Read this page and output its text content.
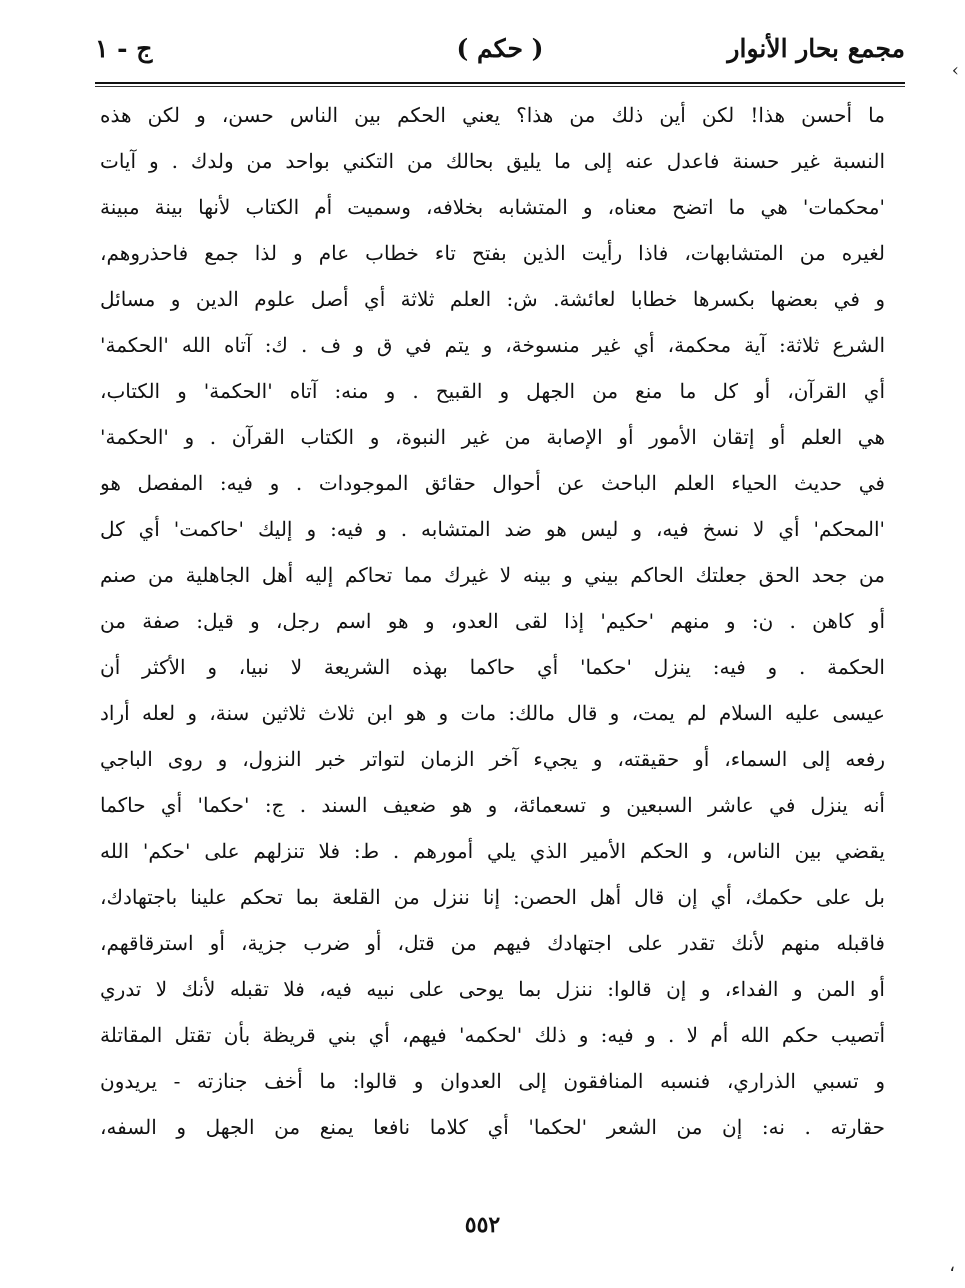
مجمع بحار الأنوار
( حكم )
ج - ١
‹
ما أحسن هذا! لكن أين ذلك من هذا؟ يعني الحكم بين الناس حسن، و لكن هذه
النسبة غير حسنة فاعدل عنه إلى ما يليق بحالك من التكني بواحد من ولدك . و آيات
'محكمات' هي ما اتضح معناه، و المتشابه بخلافه، وسميت أم الكتاب لأنها بينة مبينة
لغيره من المتشابهات، فاذا رأيت الذين بفتح تاء خطاب عام و لذا جمع فاحذروهم،
و في بعضها بكسرها خطابا لعائشة. ش: العلم ثلاثة أي أصل علوم الدين و مسائل
الشرع ثلاثة: آية محكمة، أي غير منسوخة، و يتم في ق و ف . ك: آتاه الله 'الحكمة'
أي القرآن، أو كل ما منع من الجهل و القبيح . و منه: آتاه 'الحكمة' و الكتاب،
هي العلم أو إتقان الأمور أو الإصابة من غير النبوة، و الكتاب القرآن . و 'الحكمة'
في حديث الحياء العلم الباحث عن أحوال حقائق الموجودات . و فيه: المفصل هو
'المحكم' أي لا نسخ فيه، و ليس هو ضد المتشابه . و فيه: و إليك 'حاكمت' أي كل
من جحد الحق جعلتك الحاكم بيني و بينه لا غيرك مما تحاكم إليه أهل الجاهلية من صنم
أو كاهن . ن: و منهم 'حكيم' إذا لقى العدو، و هو اسم رجل، و قيل: صفة من
الحكمة . و فيه: ينزل 'حكما' أي حاكما بهذه الشريعة لا نبيا، و الأكثر أن
عيسى عليه السلام لم يمت، و قال مالك: مات و هو ابن ثلاث ثلاثين سنة، و لعله أراد
رفعه إلى السماء، أو حقيقته، و يجيء آخر الزمان لتواتر خبر النزول، و روى الباجي
أنه ينزل في عاشر السبعين و تسعمائة، و هو ضعيف السند . ج: 'حكما' أي حاكما
يقضي بين الناس، و الحكم الأمير الذي يلي أمورهم . ط: فلا تنزلهم على 'حكم' الله
بل على حكمك، أي إن قال أهل الحصن: إنا ننزل من القلعة بما تحكم علينا باجتهادك،
فاقبله منهم لأنك تقدر على اجتهادك فيهم من قتل، أو ضرب جزية، أو استرقاقهم،
أو المن و الفداء، و إن قالوا: ننزل بما يوحى على نبيه فيه، فلا تقبله لأنك لا تدري
أتصيب حكم الله أم لا . و فيه: و ذلك 'لحكمه' فيهم، أي بني قريظة بأن تقتل المقاتلة
و تسبي الذراري، فنسبه المنافقون إلى العدوان و قالوا: ما أخف جنازته - يريدون
حقارته . نه: إن من الشعر 'لحكما' أي كلاما نافعا يمنع من الجهل و السفه،
٥٥٢
،
